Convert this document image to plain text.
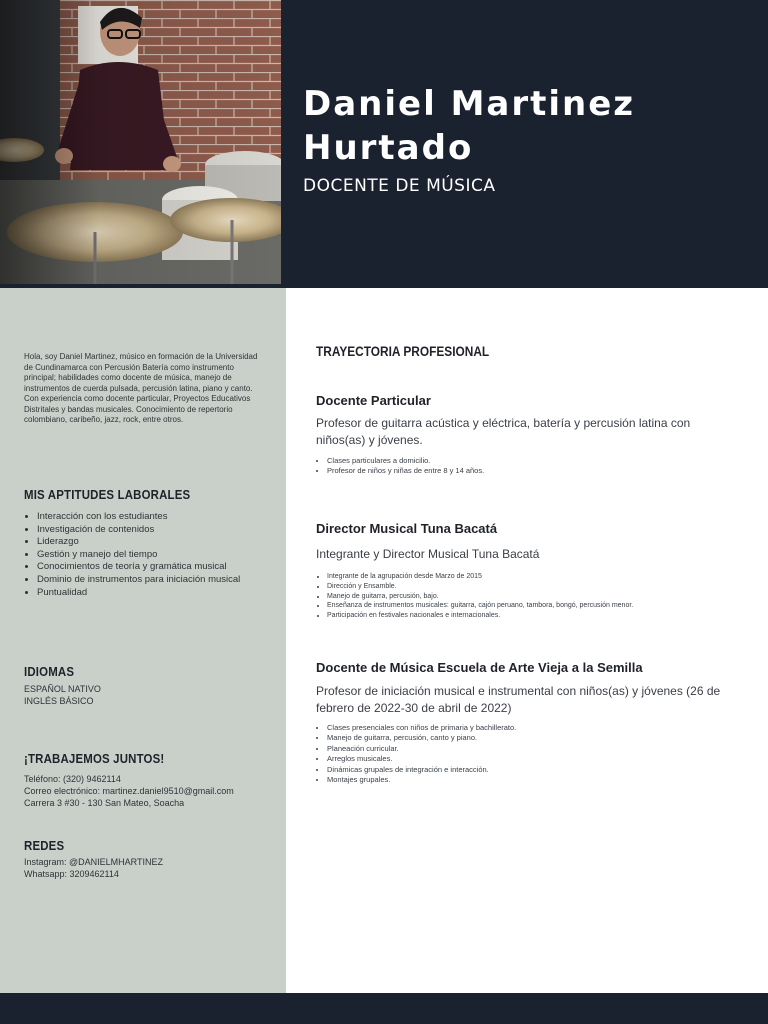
Daniel Martinez
Hurtado
DOCENTE DE MÚSICA
Hola, soy Daniel Martinez, músico en formación de la Universidad de Cundinamarca con Percusión Batería como instrumento principal; habilidades como docente de música, manejo de instrumentos de cuerda pulsada, percusión latina, piano y canto. Con experiencia como docente particular, Proyectos Educativos Distritales y bandas musicales. Conocimiento de repertorio colombiano, caribeño, jazz, rock, entre otros.
MIS APTITUDES LABORALES
• Interacción con los estudiantes
• Investigación de contenidos
• Liderazgo
• Gestión y manejo del tiempo
• Conocimientos de teoría y gramática musical
• Dominio de instrumentos para iniciación musical
• Puntualidad
IDIOMAS
ESPAÑOL NATIVO
INGLÉS BÁSICO
¡TRABAJEMOS JUNTOS!
Teléfono: (320) 9462114
Correo electrónico: martinez.daniel9510@gmail.com
Carrera 3 #30 - 130 San Mateo, Soacha
REDES
Instagram: @DANIELMHARTINEZ
Whatsapp: 3209462114
TRAYECTORIA PROFESIONAL
Docente Particular
Profesor de guitarra acústica y eléctrica, batería y percusión latina con niños(as) y jóvenes.
• Clases particulares a domicilio.
• Profesor de niños y niñas de entre 8 y 14 años.
Director Musical Tuna Bacatá
Integrante y Director Musical Tuna Bacatá
• Integrante de la agrupación desde Marzo de 2015
• Dirección y Ensamble.
• Manejo de guitarra, percusión, bajo.
• Enseñanza de instrumentos musicales: guitarra, cajón peruano, tambora, bongó, percusión menor.
• Participación en festivales nacionales e internacionales.
Docente de Música Escuela de Arte Vieja a la Semilla
Profesor de iniciación musical e instrumental con niños(as) y jóvenes (26 de febrero de 2022-30 de abril de 2022)
• Clases presenciales con niños de primaria y bachillerato.
• Manejo de guitarra, percusión, canto y piano.
• Planeación curricular.
• Arreglos musicales.
• Dinámicas grupales de integración e interacción.
• Montajes grupales.
